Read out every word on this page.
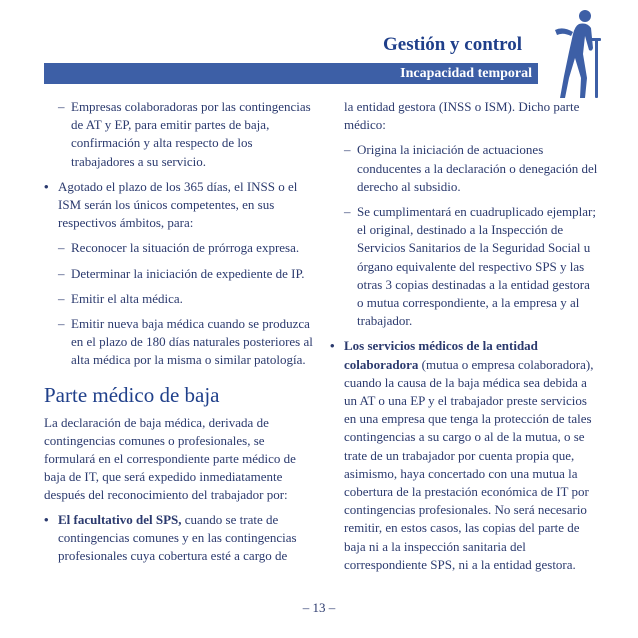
Gestión y control
Incapacidad temporal
– Empresas colaboradoras por las contingencias de AT y EP, para emitir partes de baja, confirmación y alta respecto de los trabajadores a su servicio.
• Agotado el plazo de los 365 días, el INSS o el ISM serán los únicos competentes, en sus respectivos ámbitos, para:
– Reconocer la situación de prórroga expresa.
– Determinar la iniciación de expediente de IP.
– Emitir el alta médica.
– Emitir nueva baja médica cuando se produzca en el plazo de 180 días naturales posteriores al alta médica por la misma o similar patología.
Parte médico de baja
La declaración de baja médica, derivada de contingencias comunes o profesionales, se formulará en el correspondiente parte médico de baja de IT, que será expedido inmediatamente después del reconocimiento del trabajador por:
• El facultativo del SPS, cuando se trate de contingencias comunes y en las contingencias profesionales cuya cobertura esté a cargo de
la entidad gestora (INSS o ISM). Dicho parte médico:
– Origina la iniciación de actuaciones conducentes a la declaración o denegación del derecho al subsidio.
– Se cumplimentará en cuadruplicado ejemplar; el original, destinado a la Inspección de Servicios Sanitarios de la Seguridad Social u órgano equivalente del respectivo SPS y las otras 3 copias destinadas a la entidad gestora o mutua correspondiente, a la empresa y al trabajador.
• Los servicios médicos de la entidad colaboradora (mutua o empresa colaboradora), cuando la causa de la baja médica sea debida a un AT o una EP y el trabajador preste servicios en una empresa que tenga la protección de tales contingencias a su cargo o al de la mutua, o se trate de un trabajador por cuenta propia que, asimismo, haya concertado con una mutua la cobertura de la prestación económica de IT por contingencias profesionales. No será necesario remitir, en estos casos, las copias del parte de baja ni a la inspección sanitaria del correspondiente SPS, ni a la entidad gestora.
– 13 –
